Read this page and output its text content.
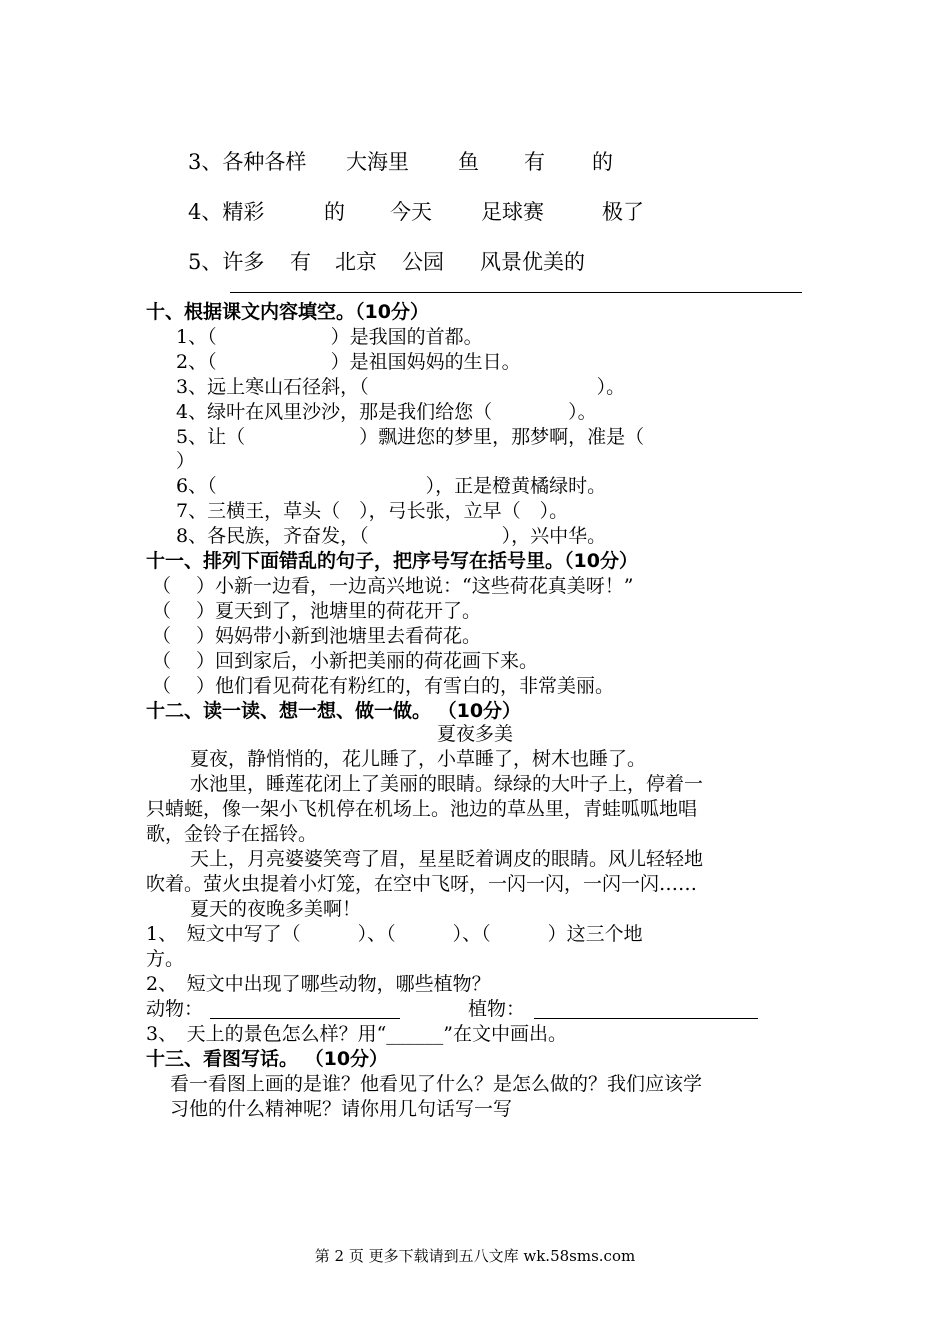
3、各种各样 大海里 鱼 有 的
4、精彩	的 今天 足球赛	极了
5、许多 有 北京 公园 风景优美的
十、根据课文内容填空。（10分）
1、（　　　　　　）是我国的首都。
2、（　　　　　　）是祖国妈妈的生日。
3、远上寒山石径斜，（　　　　　　　　　　　　）。
4、绿叶在风里沙沙，那是我们给您（　　　　）。
5、让（　　　　　　）飘进您的梦里，那梦啊，准是（
）
6、（　　　　　　　　　　　），正是橙黄橘绿时。
7、三横王，草头（　），弓长张，立早（　）。
8、各民族，齐奋发，（　　　　　　　），兴中华。
十一、排列下面错乱的句子，把序号写在括号里。（10分）
（　 ）小新一边看，一边高兴地说：“这些荷花真美呀！”
（　 ）夏天到了，池塘里的荷花开了。
（　 ）妈妈带小新到池塘里去看荷花。
（　 ）回到家后，小新把美丽的荷花画下来。
（　 ）他们看见荷花有粉红的，有雪白的，非常美丽。
十二、读一读、想一想、做一做。 （10分）
夏夜多美
夏夜，静悄悄的，花儿睡了，小草睡了，树木也睡了。
水池里，睡莲花闭上了美丽的眼睛。绿绿的大叶子上，停着一
只蜻蜓，像一架小飞机停在机场上。池边的草丛里，青蛙呱呱地唱
歌，金铃子在摇铃。
天上，月亮婆婆笑弯了眉，星星眨着调皮的眼睛。风儿轻轻地
吹着。萤火虫提着小灯笼，在空中飞呀，一闪一闪，一闪一闪……
夏天的夜晚多美啊！
1、　短文中写了（　　　）、（　　　）、（　　　）这三个地
方。
2、　短文中出现了哪些动物，哪些植物？
动物：	植物：
3、　天上的景色怎么样？用“______”在文中画出。
十三、看图写话。 （10分）
看一看图上画的是谁？他看见了什么？是怎么做的？我们应该学
习他的什么精神呢？请你用几句话写一写
第 2 页 更多下载请到五八文库 wk.58sms.com
